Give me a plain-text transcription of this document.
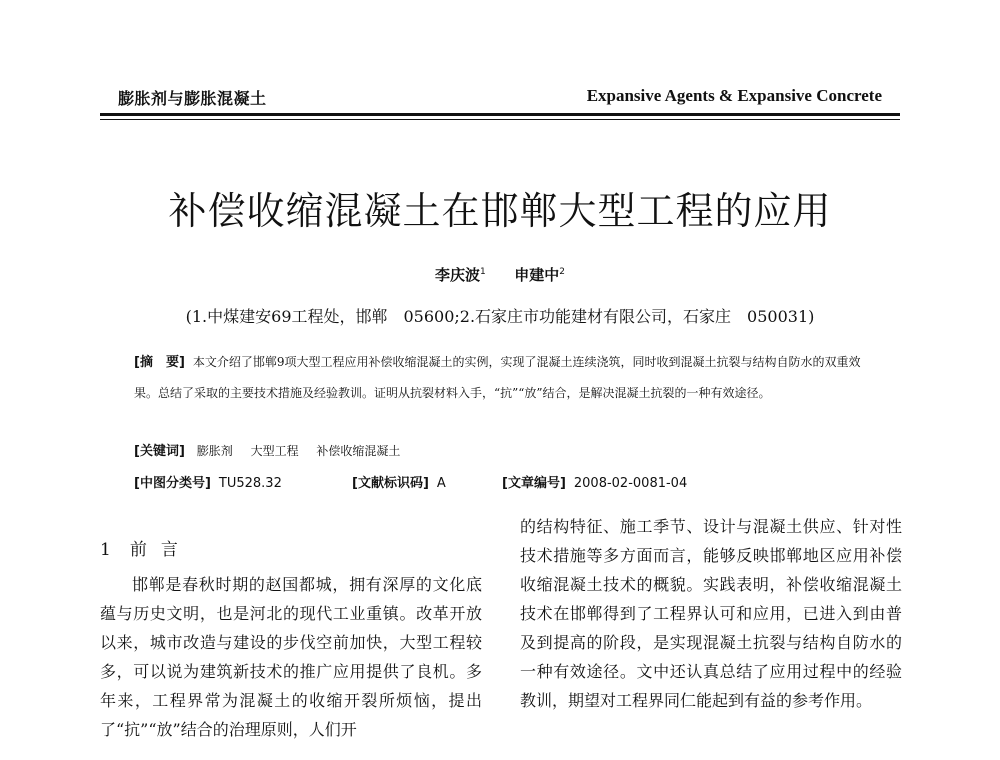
膨胀剂与膨胀混凝土	Expansive Agents & Expansive Concrete
补偿收缩混凝土在邯郸大型工程的应用
李庆波$^1$ 申建中$^2$
(1.中煤建安69工程处，邯郸　05600;2.石家庄市功能建材有限公司，石家庄　050031)
[摘　要] 本文介绍了邯郸9项大型工程应用补偿收缩混凝土的实例，实现了混凝土连续浇筑，同时收到混凝土抗裂与结构自防水的双重效果。总结了采取的主要技术措施及经验教训。证明从抗裂材料入手，“抗”“放”结合，是解决混凝土抗裂的一种有效途径。
[关键词] 膨胀剂 大型工程 补偿收缩混凝土
[中图分类号] TU528.32	[文献标识码] A	[文章编号] 2008-02-0081-04
1 前言

邯郸是春秋时期的赵国都城，拥有深厚的文化底蕴与历史文明，也是河北的现代工业重镇。改革开放以来，城市改造与建设的步伐空前加快，大型工程较多，可以说为建筑新技术的推广应用提供了良机。多年来，工程界常为混凝土的收缩开裂所烦恼，提出了“抗”“放”结合的治理原则，人们开

的结构特征、施工季节、设计与混凝土供应、针对性技术措施等多方面而言，能够反映邯郸地区应用补偿收缩混凝土技术的概貌。实践表明，补偿收缩混凝土技术在邯郸得到了工程界认可和应用，已进入到由普及到提高的阶段，是实现混凝土抗裂与结构自防水的一种有效途径。文中还认真总结了应用过程中的经验教训，期望对工程界同仁能起到有益的参考作用。
